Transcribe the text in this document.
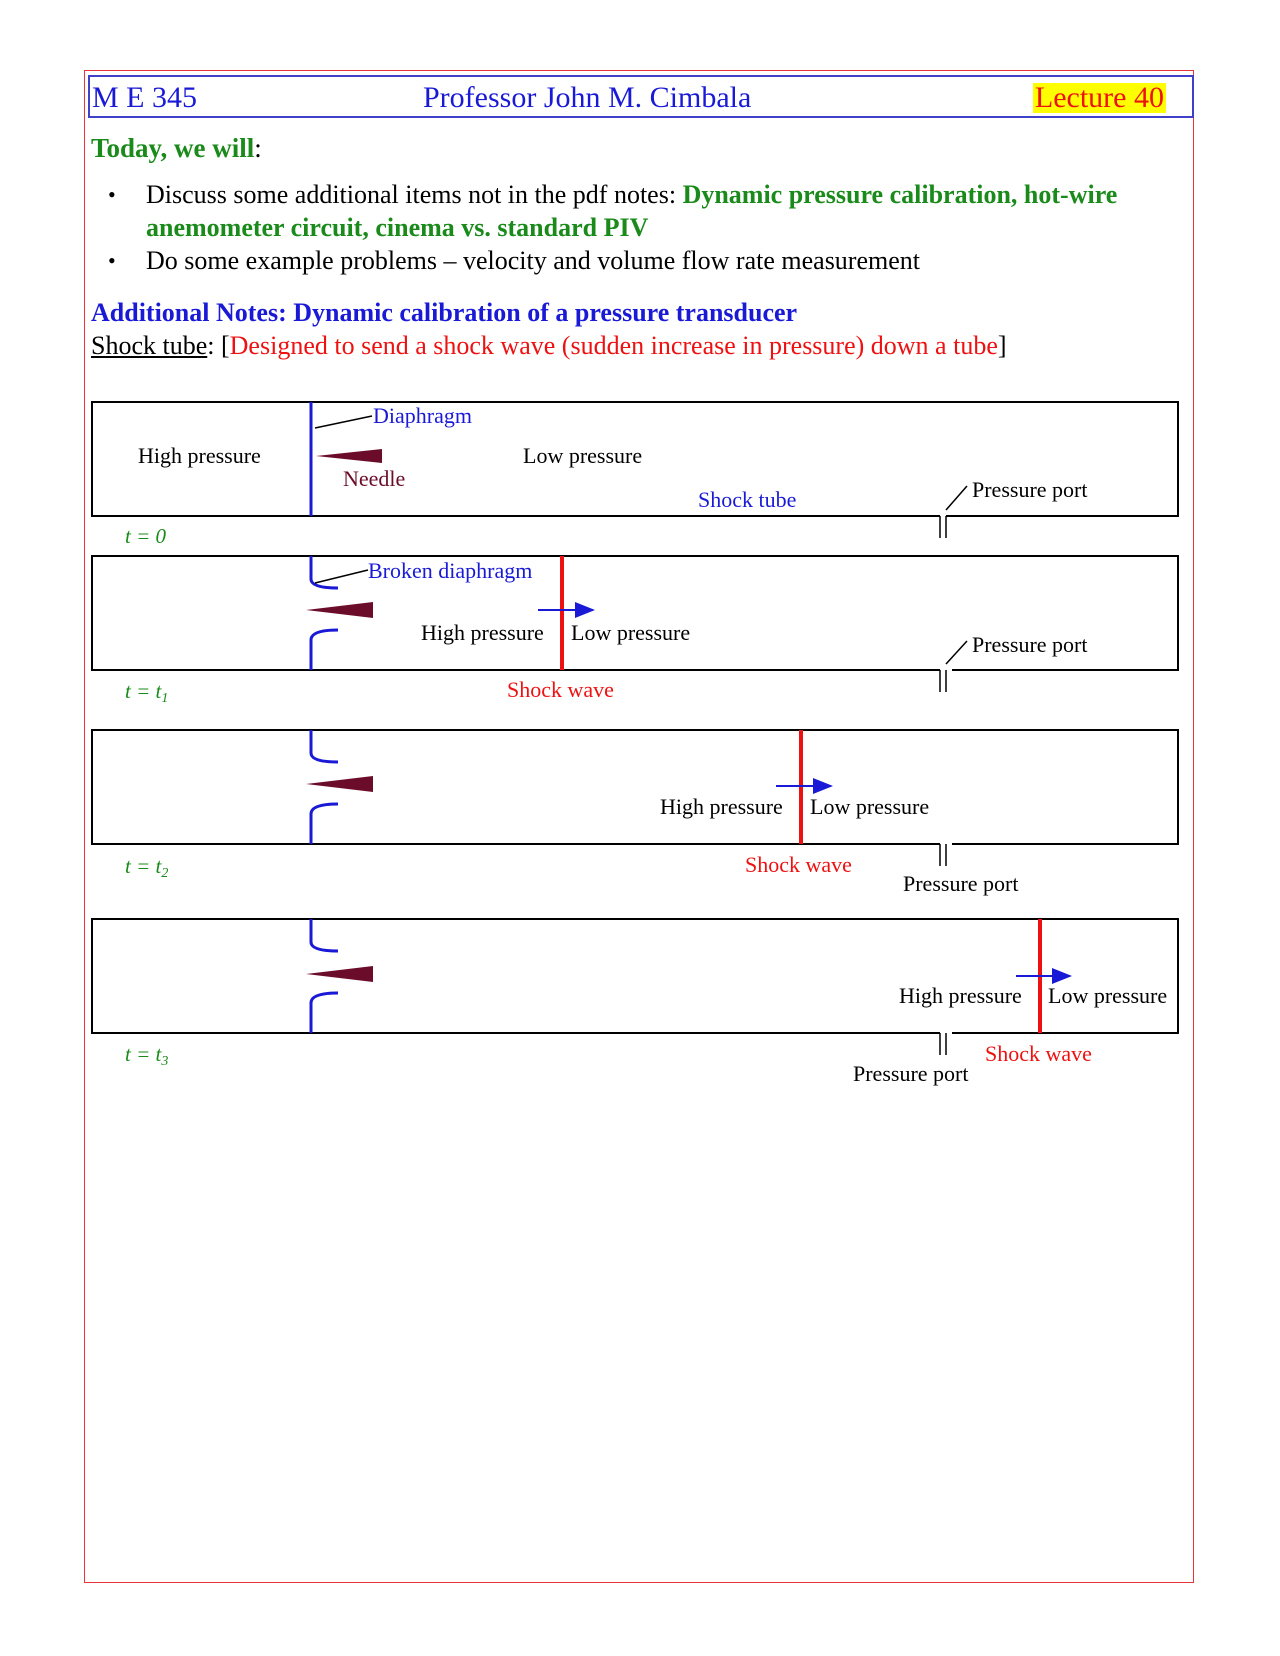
M E 345	Professor John M. Cimbala	Lecture 40
Today, we will:
• Discuss some additional items not in the pdf notes: Dynamic pressure calibration, hot-wire anemometer circuit, cinema vs. standard PIV
• Do some example problems – velocity and volume flow rate measurement
Additional Notes: Dynamic calibration of a pressure transducer
Shock tube: [Designed to send a shock wave (sudden increase in pressure) down a tube]
Diaphragm
High pressure
Needle
Low pressure
Shock tube	Pressure port
t = 0
Broken diaphragm
High pressure Low pressure	Pressure port
Shock wave
t = t1
High pressure Low pressure
Shock wave
Pressure port
t = t2
High pressure Low pressure
Shock wave
Pressure port
t = t3
